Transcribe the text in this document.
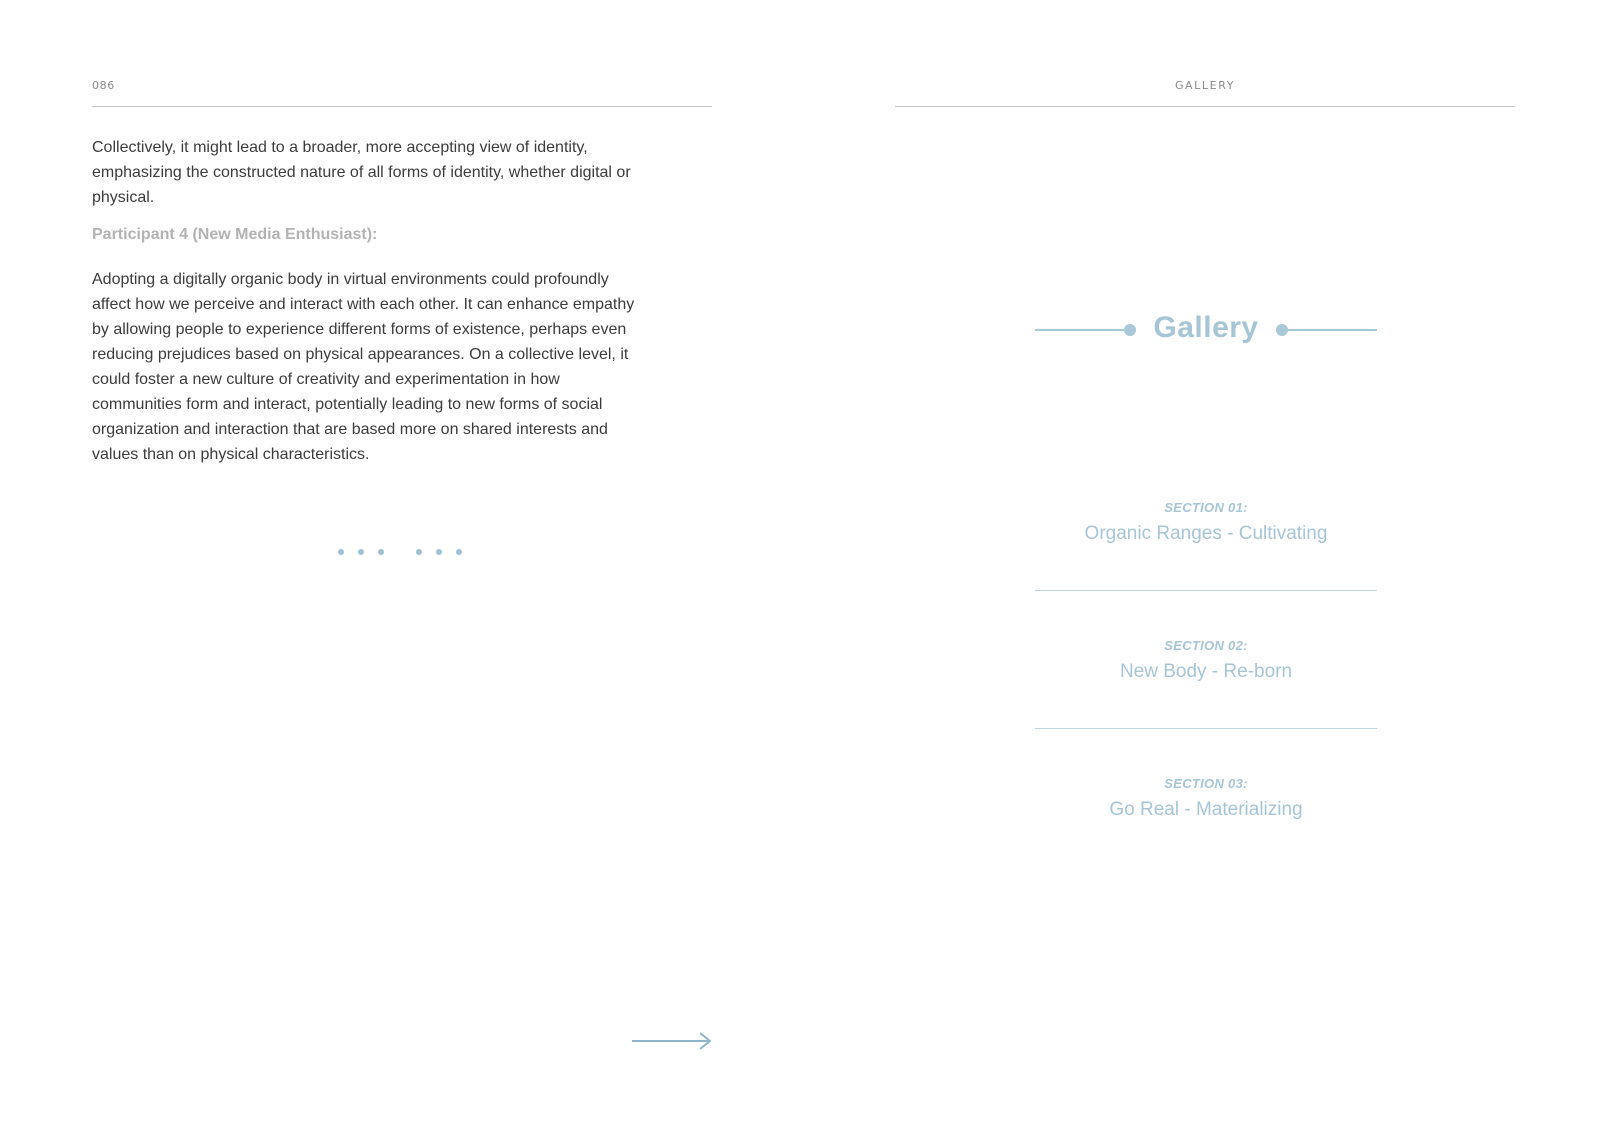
086

Collectively, it might lead to a broader, more accepting view of identity, emphasizing the constructed nature of all forms of identity, whether digital or physical.

Participant 4 (New Media Enthusiast):

Adopting a digitally organic body in virtual environments could profoundly affect how we perceive and interact with each other. It can enhance empathy by allowing people to experience different forms of existence, perhaps even reducing prejudices based on physical appearances. On a collective level, it could foster a new culture of creativity and experimentation in how communities form and interact, potentially leading to new forms of social organization and interaction that are based more on shared interests and values than on physical characteristics.

GALLERY
Gallery
SECTION 01:
Organic Ranges - Cultivating
SECTION 02:
New Body - Re-born
SECTION 03:
Go Real - Materializing
